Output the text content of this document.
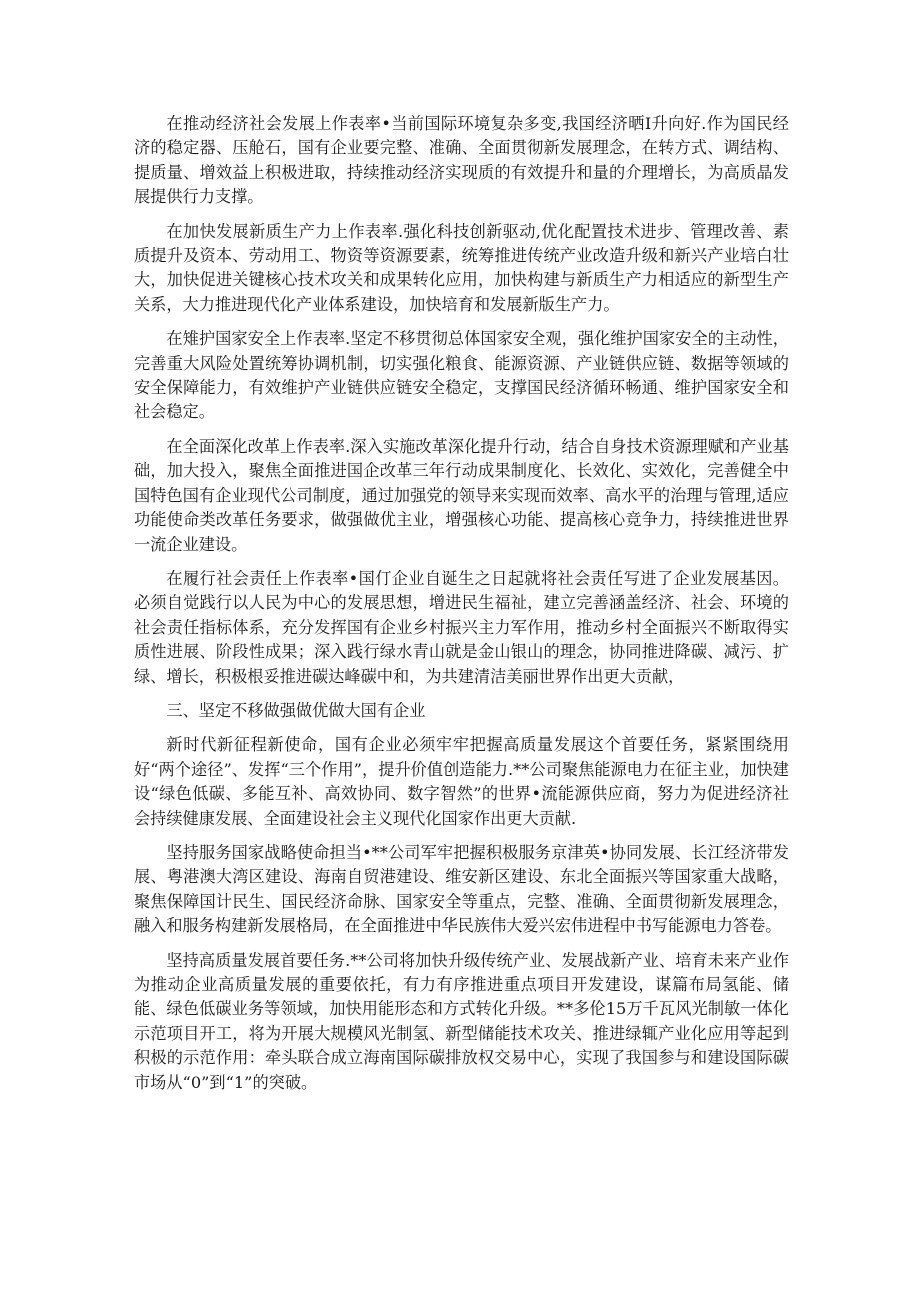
在推动经济社会发展上作表率•当前国际环境复杂多变,我国经济晒I升向好.作为国民经济的稳定器、压舱石，国有企业要完整、准确、全面贯彻新发展理念，在转方式、调结构、提质量、增效益上积极进取，持续推动经济实现质的有效提升和量的介理增长，为高质晶发展提供行力支撑。

在加快发展新质生产力上作表率.强化科技创新驱动,优化配置技术进步、管理改善、素质提升及资本、劳动用工、物资等资源要素，统筹推进传统产业改造升级和新兴产业培白壮大，加快促进关键核心技术攻关和成果转化应用，加快构建与新质生产力相适应的新型生产关系，大力推进现代化产业体系建设，加快培育和发展新版生产力。

在雉护国家安全上作表率.坚定不移贯彻总体国家安全观，强化维护国家安全的主动性，完善重大风险处置统筹协调机制，切实强化粮食、能源资源、产业链供应链、数据等领域的安全保障能力，有效维护产业链供应链安全稳定，支撑国民经济循环畅通、维护国家安全和社会稳定。

在全面深化改革上作表率.深入实施改革深化提升行动，结合自身技术资源理赋和产业基础，加大投入，聚焦全面推进国企改革三年行动成果制度化、长效化、实效化，完善健全中国特色国有企业现代公司制度，通过加强党的领导来实现而效率、高水平的治理与管理,适应功能使命类改革任务要求，做强做优主业，增强核心功能、提高核心竞争力，持续推进世界一流企业建设。

在履行社会责任上作表率•国仃企业自诞生之日起就将社会责任写进了企业发展基因。必须自觉践行以人民为中心的发展思想，增进民生福祉，建立完善涵盖经济、社会、环境的社会责任指标体系，充分发挥国有企业乡村振兴主力军作用，推动乡村全面振兴不断取得实质性进展、阶段性成果；深入践行绿水青山就是金山银山的理念，协同推进降碳、减污、扩绿、增长，积极根妥推进碳达峰碳中和，为共建清洁美丽世界作出更大贡献，

三、坚定不移做强做优做大国有企业

新时代新征程新使命，国有企业必须牢牢把握高质量发展这个首要任务，紧紧围绕用好“两个途径”、发挥“三个作用”，提升价值创造能力.**公司聚焦能源电力在征主业，加快建设“绿色低碳、多能互补、高效协同、数字智然”的世界•流能源供应商，努力为促进经济社会持续健康发展、全面建设社会主义现代化国家作出更大贡献.

坚持服务国家战略使命担当•**公司军牢把握积极服务京津英•协同发展、长江经济带发展、粤港澳大湾区建设、海南自贸港建设、维安新区建设、东北全面振兴等国家重大战略，聚焦保障国计民生、国民经济命脉、国家安全等重点，完整、准确、全面贯彻新发展理念，融入和服务构建新发展格局，在全面推进中华民族伟大爱兴宏伟进程中书写能源电力答卷。

坚持高质量发展首要任务.**公司将加快升级传统产业、发展战新产业、培育未来产业作为推动企业高质量发展的重要依托，有力有序推进重点项目开发建设，谋篇布局氢能、储能、绿色低碳业务等领域，加快用能形态和方式转化升级。**多伦15万千瓦风光制敏一体化示范项目开工，将为开展大规模风光制氢、新型储能技术攻关、推进绿辄产业化应用等起到积极的示范作用：牵头联合成立海南国际碳排放权交易中心，实现了我国参与和建设国际碳市场从“0”到“1”的突破。
